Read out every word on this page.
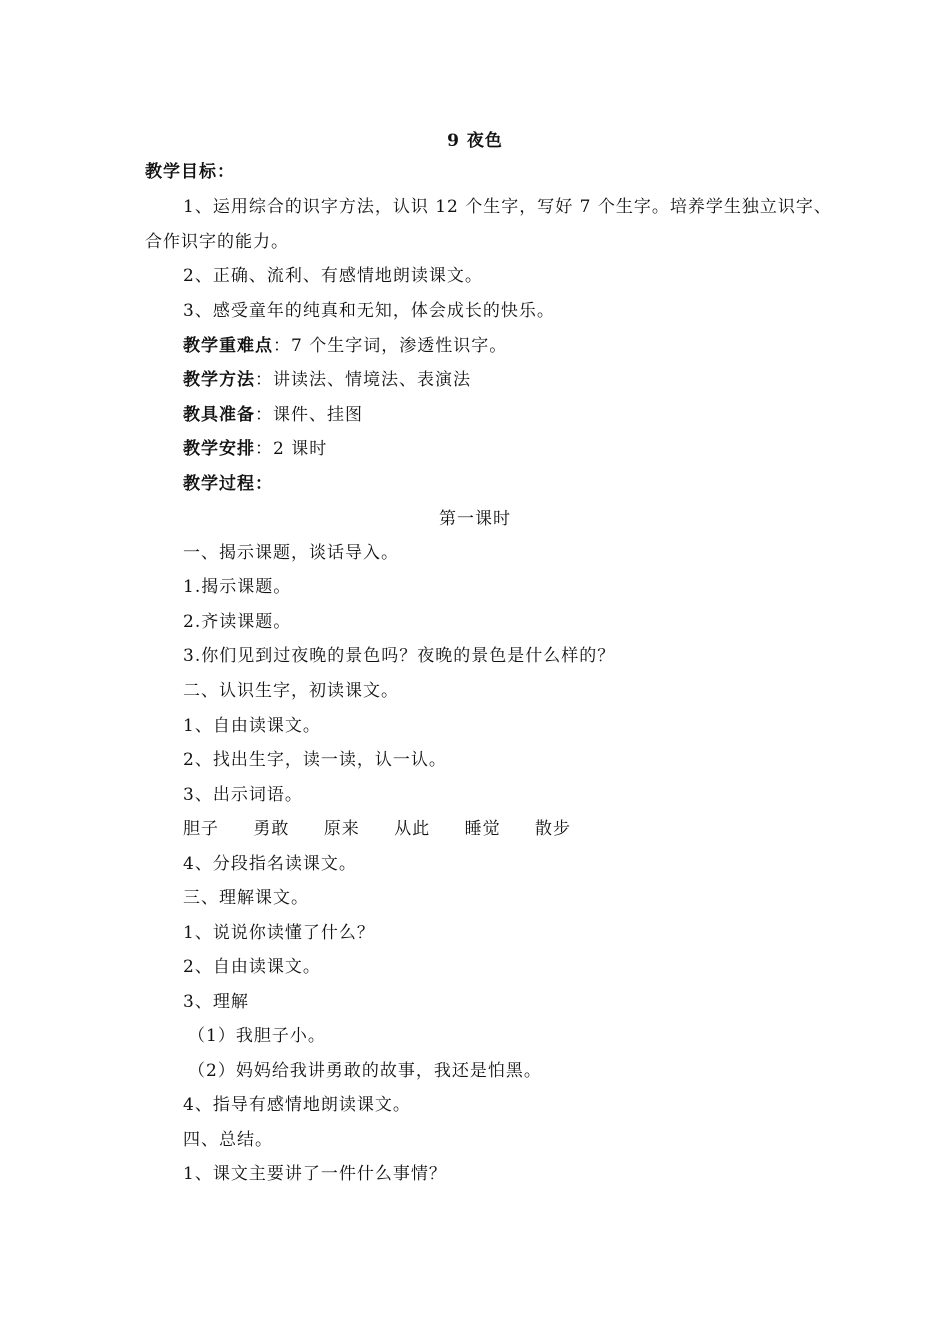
9 夜色
教学目标：
1、运用综合的识字方法，认识 12 个生字，写好 7 个生字。培养学生独立识字、
合作识字的能力。
2、正确、流利、有感情地朗读课文。
3、感受童年的纯真和无知，体会成长的快乐。
教学重难点：7 个生字词，渗透性识字。
教学方法：讲读法、情境法、表演法
教具准备：课件、挂图
教学安排：2 课时
教学过程：
第一课时
一、揭示课题，谈话导入。
1.揭示课题。
2.齐读课题。
3.你们见到过夜晚的景色吗？夜晚的景色是什么样的？
二、认识生字，初读课文。
1、自由读课文。
2、找出生字，读一读，认一认。
3、出示词语。
胆子 勇敢 原来 从此 睡觉 散步
4、分段指名读课文。
三、理解课文。
1、说说你读懂了什么？
2、自由读课文。
3、理解
（1）我胆子小。
（2）妈妈给我讲勇敢的故事，我还是怕黑。
4、指导有感情地朗读课文。
四、总结。
1、课文主要讲了一件什么事情？
